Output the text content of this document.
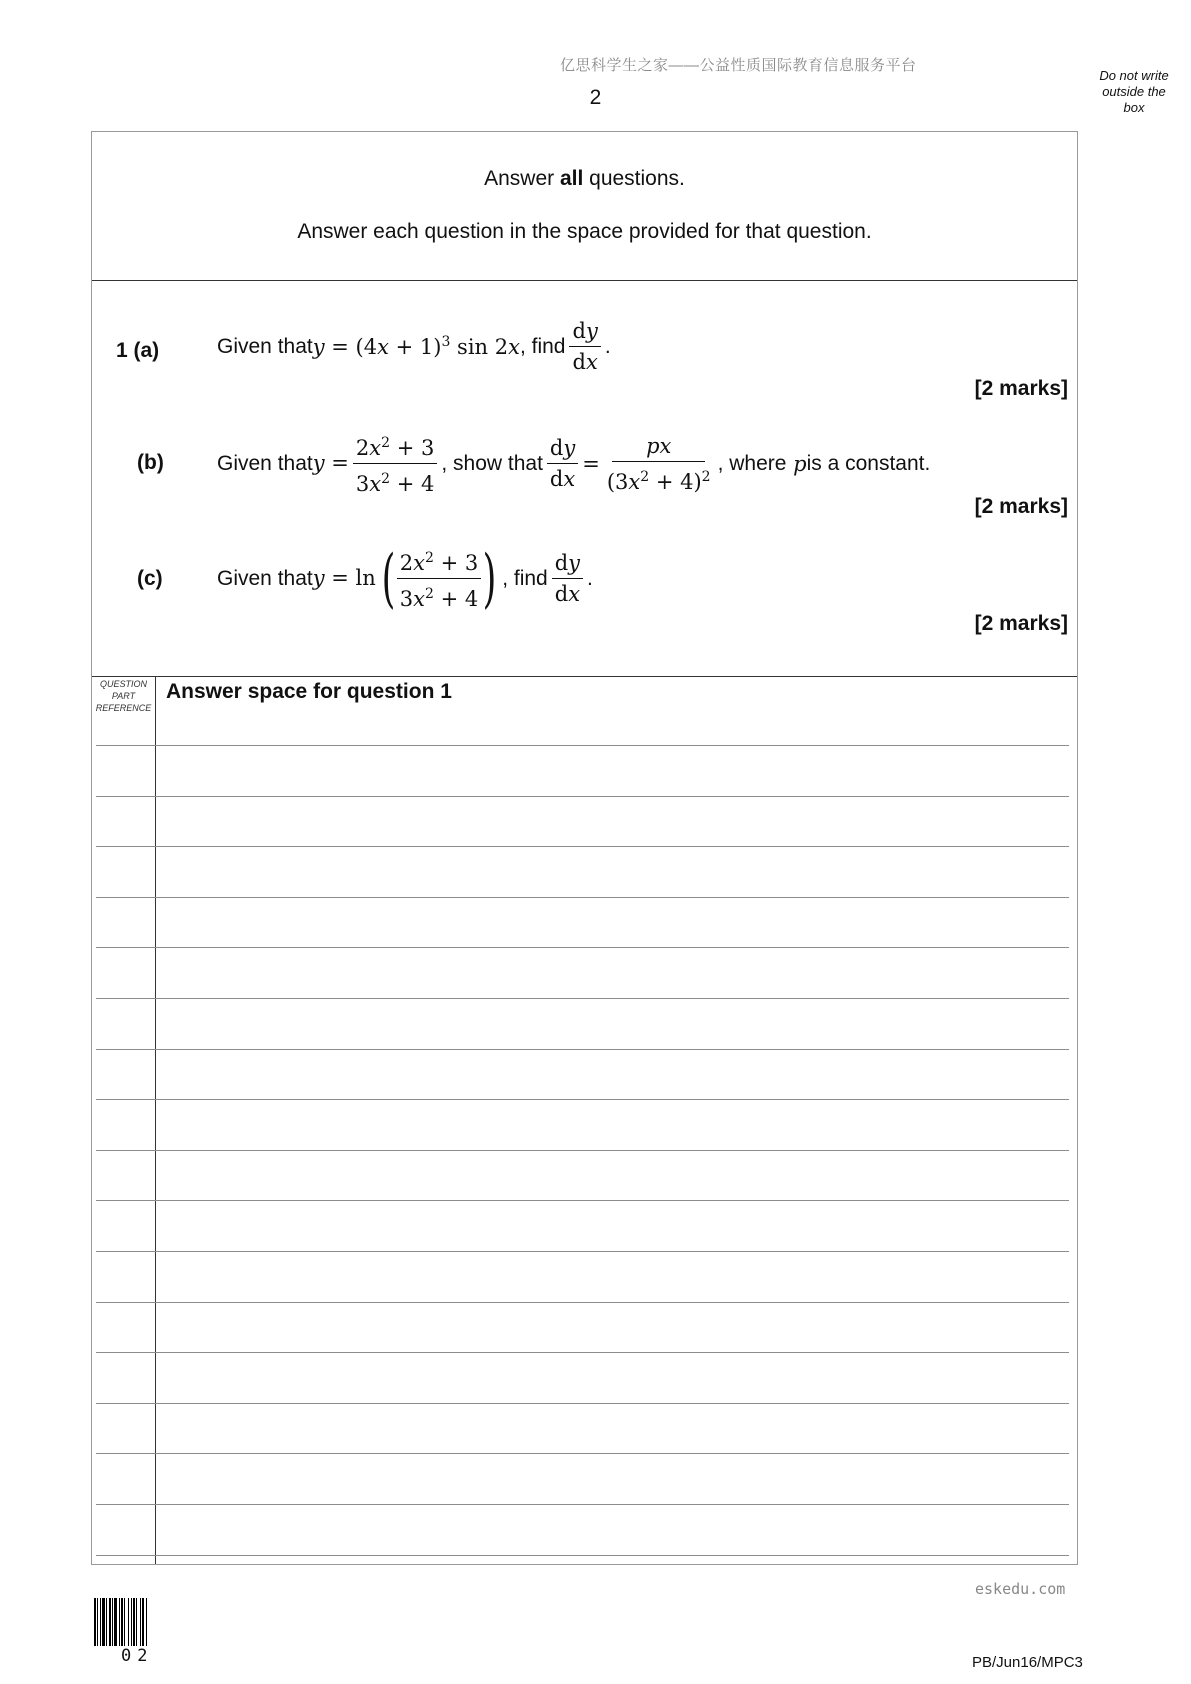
亿思科学生之家——公益性质国际教育信息服务平台
2
Do not write
outside the
box
Answer all questions.
Answer each question in the space provided for that question.
1 (a)	Given that $y = (4x + 1)^3$ sin 2x , find $\frac{dy}{dx}$ .
[2 marks]
(b)	Given that $y = \frac{2x^2 + 3}{3x^2 + 4}$ , show that $\frac{dy}{dx} = \frac{px}{(3x^2 + 4)^2}$ , where p is a constant.
[2 marks]
(c)	Given that y = ln ( $\frac{2x^2 + 3}{3x^2 + 4}$ ) , find $\frac{dy}{dx}$ .
[2 marks]
QUESTION
PART
REFERENCE
Answer space for question 1
eskedu.com
02	PB/Jun16/MPC3
